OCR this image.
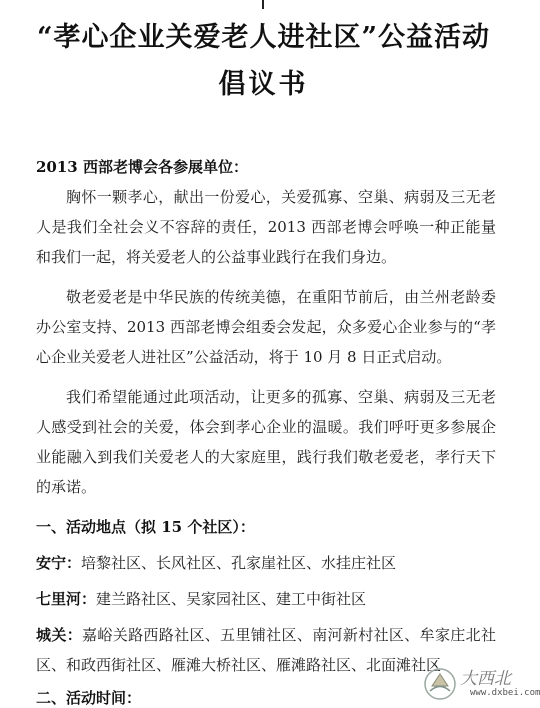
“孝心企业关爱老人进社区”公益活动
倡议书
2013 西部老博会各参展单位：
胸怀一颗孝心，献出一份爱心，关爱孤寡、空巢、病弱及三无老
人是我们全社会义不容辞的责任，2013 西部老博会呼唤一种正能量
和我们一起，将关爱老人的公益事业践行在我们身边。
敬老爱老是中华民族的传统美德，在重阳节前后，由兰州老龄委
办公室支持、2013 西部老博会组委会发起，众多爱心企业参与的“孝
心企业关爱老人进社区”公益活动，将于 10 月 8 日正式启动。
我们希望能通过此项活动，让更多的孤寡、空巢、病弱及三无老
人感受到社会的关爱，体会到孝心企业的温暖。我们呼吁更多参展企
业能融入到我们关爱老人的大家庭里，践行我们敬老爱老，孝行天下
的承诺。
一、活动地点（拟 15 个社区）：
安宁：培黎社区、长风社区、孔家崖社区、水挂庄社区
七里河：建兰路社区、吴家园社区、建工中街社区
城关：嘉峪关路西路社区、五里铺社区、南河新村社区、牟家庄北社
区、和政西街社区、雁滩大桥社区、雁滩路社区、北面滩社区
二、活动时间：
大西北
www.dxbei.com
